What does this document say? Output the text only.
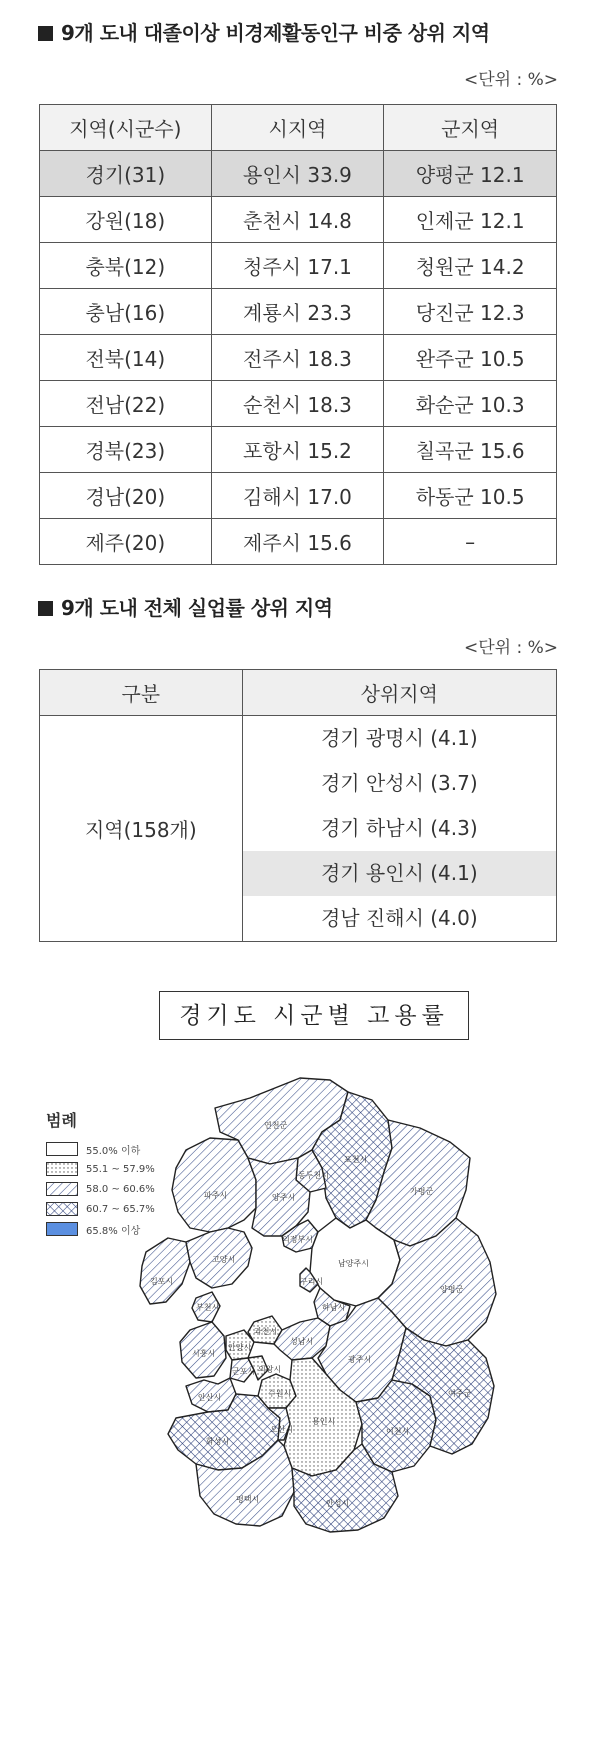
9개 도내 대졸이상 비경제활동인구 비중 상위 지역
<단위 : %>
지역(시군수)	시지역	군지역
경기(31)	용인시 33.9	양평군 12.1
강원(18)	춘천시 14.8	인제군 12.1
충북(12)	청주시 17.1	청원군 14.2
충남(16)	계룡시 23.3	당진군 12.3
전북(14)	전주시 18.3	완주군 10.5
전남(22)	순천시 18.3	화순군 10.3
경북(23)	포항시 15.2	칠곡군 15.6
경남(20)	김해시 17.0	하동군 10.5
제주(20)	제주시 15.6	–
9개 도내 전체 실업률 상위 지역
<단위 : %>
구분	상위지역
지역(158개)	경기 광명시 (4.1)
경기 안성시 (3.7)
경기 하남시 (4.3)
경기 용인시 (4.1)
경남 진해시 (4.0)
경기도 시군별 고용률
연천군
포천시
가평군
동두천시
파주시	양주시
의정부시
김포시
고양시	남양주시
구리시
하남시
양평군
부천시
과천시
성남시
시흥시
안양시
군포시
안산시
의왕시
광주시
수원시
용인시
이천시
여주군
화성시
오산시
평택시	안성시
범례
55.0% 이하
55.1 ~ 57.9%
58.0 ~ 60.6%
60.7 ~ 65.7%
65.8% 이상
